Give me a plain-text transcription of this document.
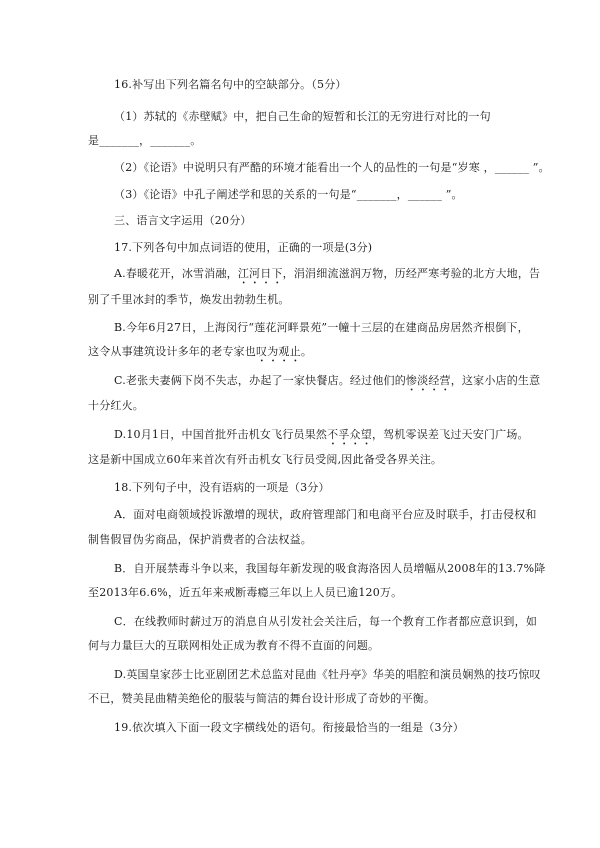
16.补写出下列名篇名句中的空缺部分。（5分）
（1）苏轼的《赤壁赋》中，把自己生命的短暂和长江的无穷进行对比的一句
是_______，_______。
（2）《论语》中说明只有严酷的环境才能看出一个人的品性的一句是“岁寒 ，______ ”。
（3）《论语》中孔子阐述学和思的关系的一句是“_______，______ ”。
三、语言文字运用（20分）
17.下列各句中加点词语的使用，正确的一项是(3分)
A.春暖花开，冰雪消融，江河日下，涓涓细流滋润万物，历经严寒考验的北方大地，告
别了千里冰封的季节，焕发出勃勃生机。
B.今年6月27日，上海闵行“莲花河畔景苑”一幢十三层的在建商品房居然齐根倒下，
这令从事建筑设计多年的老专家也叹为观止。
C.老张夫妻俩下岗不失志，办起了一家快餐店。经过他们的惨淡经营，这家小店的生意
十分红火。
D.10月1日，中国首批歼击机女飞行员果然不孚众望，驾机零误差飞过天安门广场。
这是新中国成立60年来首次有歼击机女飞行员受阅,因此备受各界关注。
18.下列句子中，没有语病的一项是（3分）
A．面对电商领域投诉激增的现状，政府管理部门和电商平台应及时联手，打击侵权和
制售假冒伪劣商品，保护消费者的合法权益。
B．自开展禁毒斗争以来，我国每年新发现的吸食海洛因人员增幅从2008年的13.7%降
至2013年6.6%，近五年来戒断毒瘾三年以上人员已逾120万。
C．在线教师时薪过万的消息自从引发社会关注后，每一个教育工作者都应意识到，如
何与力量巨大的互联网相处正成为教育不得不直面的问题。
D.英国皇家莎士比亚剧团艺术总监对昆曲《牡丹亭》华美的唱腔和演员娴熟的技巧惊叹
不已，赞美昆曲精美绝伦的服装与简洁的舞台设计形成了奇妙的平衡。
19.依次填入下面一段文字横线处的语句。衔接最恰当的一组是（3分）
